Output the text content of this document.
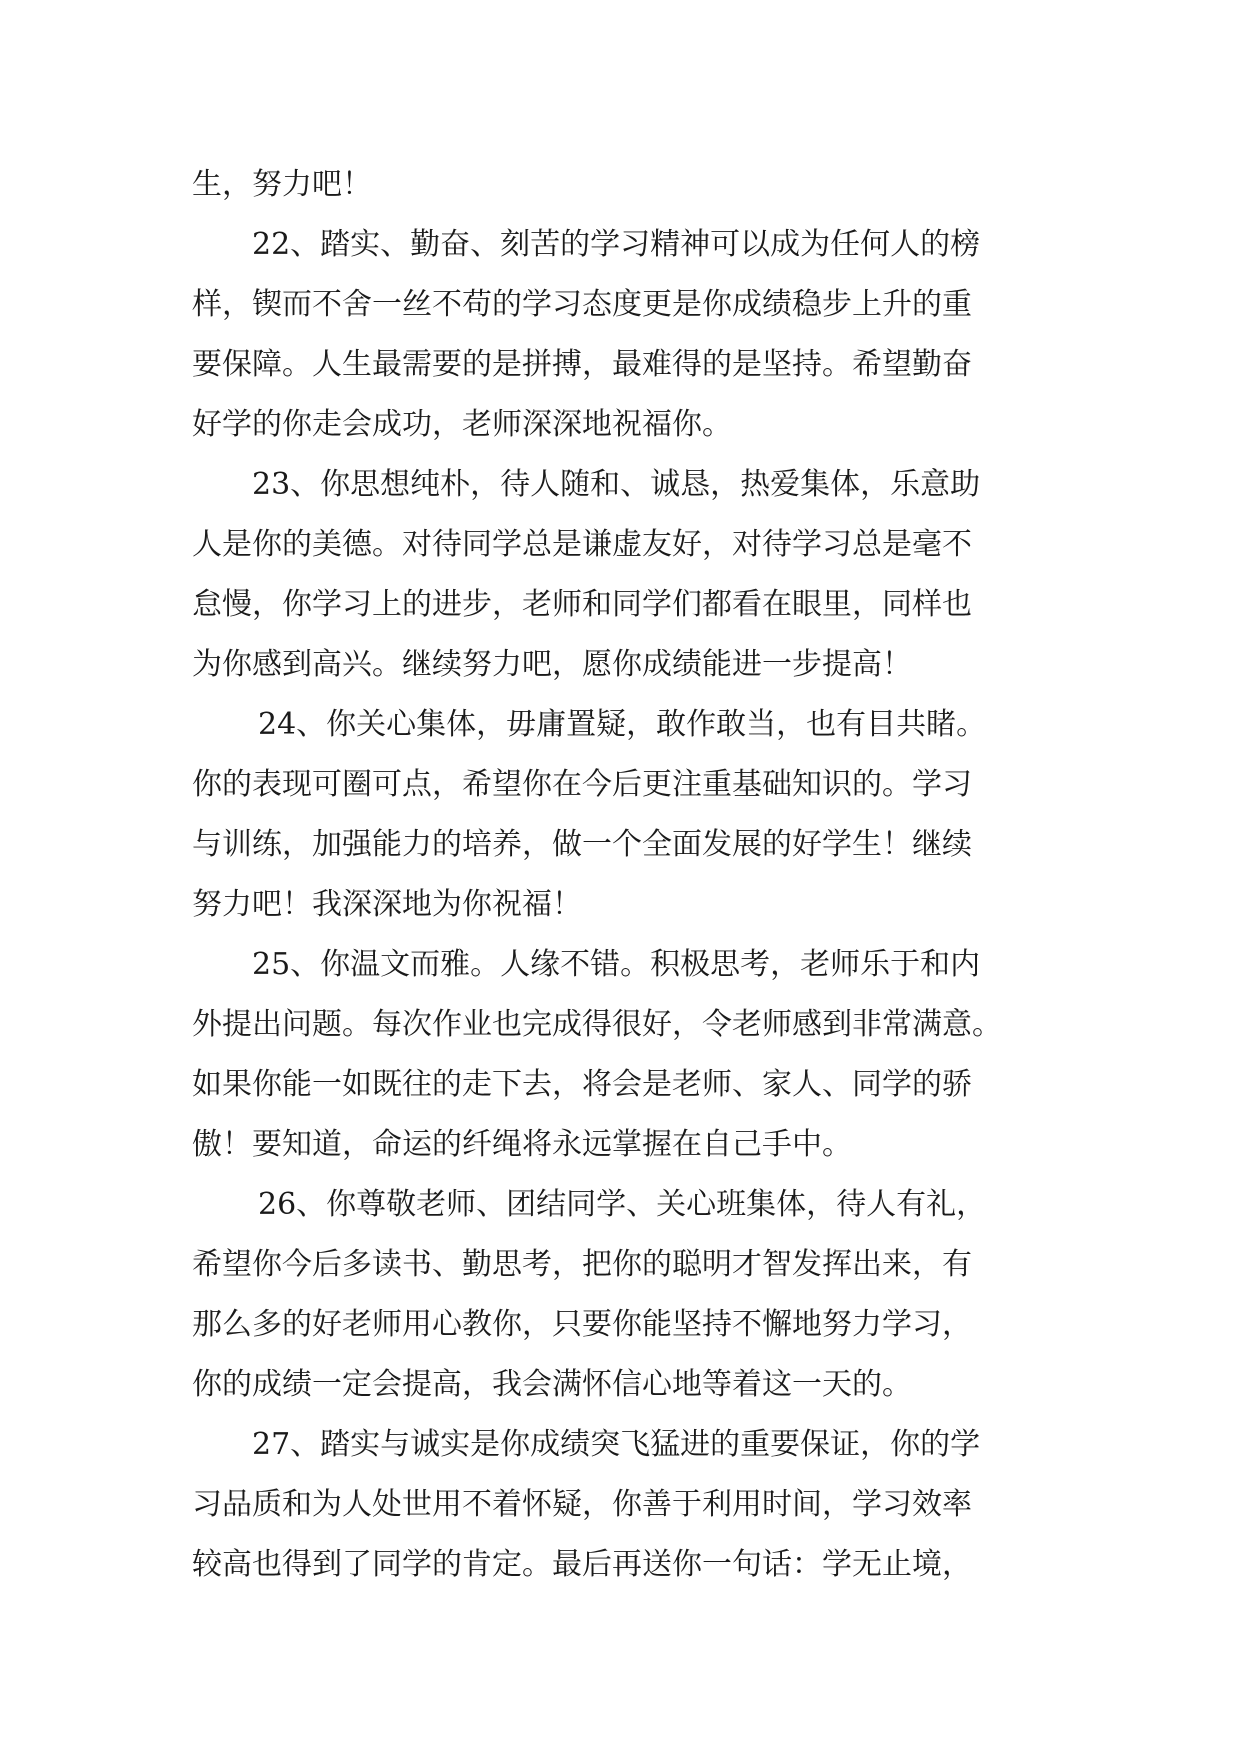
生，努力吧！
22、踏实、勤奋、刻苦的学习精神可以成为任何人的榜
样，锲而不舍一丝不苟的学习态度更是你成绩稳步上升的重
要保障。人生最需要的是拼搏，最难得的是坚持。希望勤奋
好学的你走会成功，老师深深地祝福你。
23、你思想纯朴，待人随和、诚恳，热爱集体，乐意助
人是你的美德。对待同学总是谦虚友好，对待学习总是毫不
怠慢，你学习上的进步，老师和同学们都看在眼里，同样也
为你感到高兴。继续努力吧，愿你成绩能进一步提高！
24、你关心集体，毋庸置疑，敢作敢当，也有目共睹。
你的表现可圈可点，希望你在今后更注重基础知识的。学习
与训练，加强能力的培养，做一个全面发展的好学生！继续
努力吧！我深深地为你祝福！
25、你温文而雅。人缘不错。积极思考，老师乐于和内
外提出问题。每次作业也完成得很好，令老师感到非常满意。
如果你能一如既往的走下去，将会是老师、家人、同学的骄
傲！要知道，命运的纤绳将永远掌握在自己手中。
26、你尊敬老师、团结同学、关心班集体，待人有礼，
希望你今后多读书、勤思考，把你的聪明才智发挥出来，有
那么多的好老师用心教你，只要你能坚持不懈地努力学习，
你的成绩一定会提高，我会满怀信心地等着这一天的。
27、踏实与诚实是你成绩突飞猛进的重要保证，你的学
习品质和为人处世用不着怀疑，你善于利用时间，学习效率
较高也得到了同学的肯定。最后再送你一句话：学无止境，
